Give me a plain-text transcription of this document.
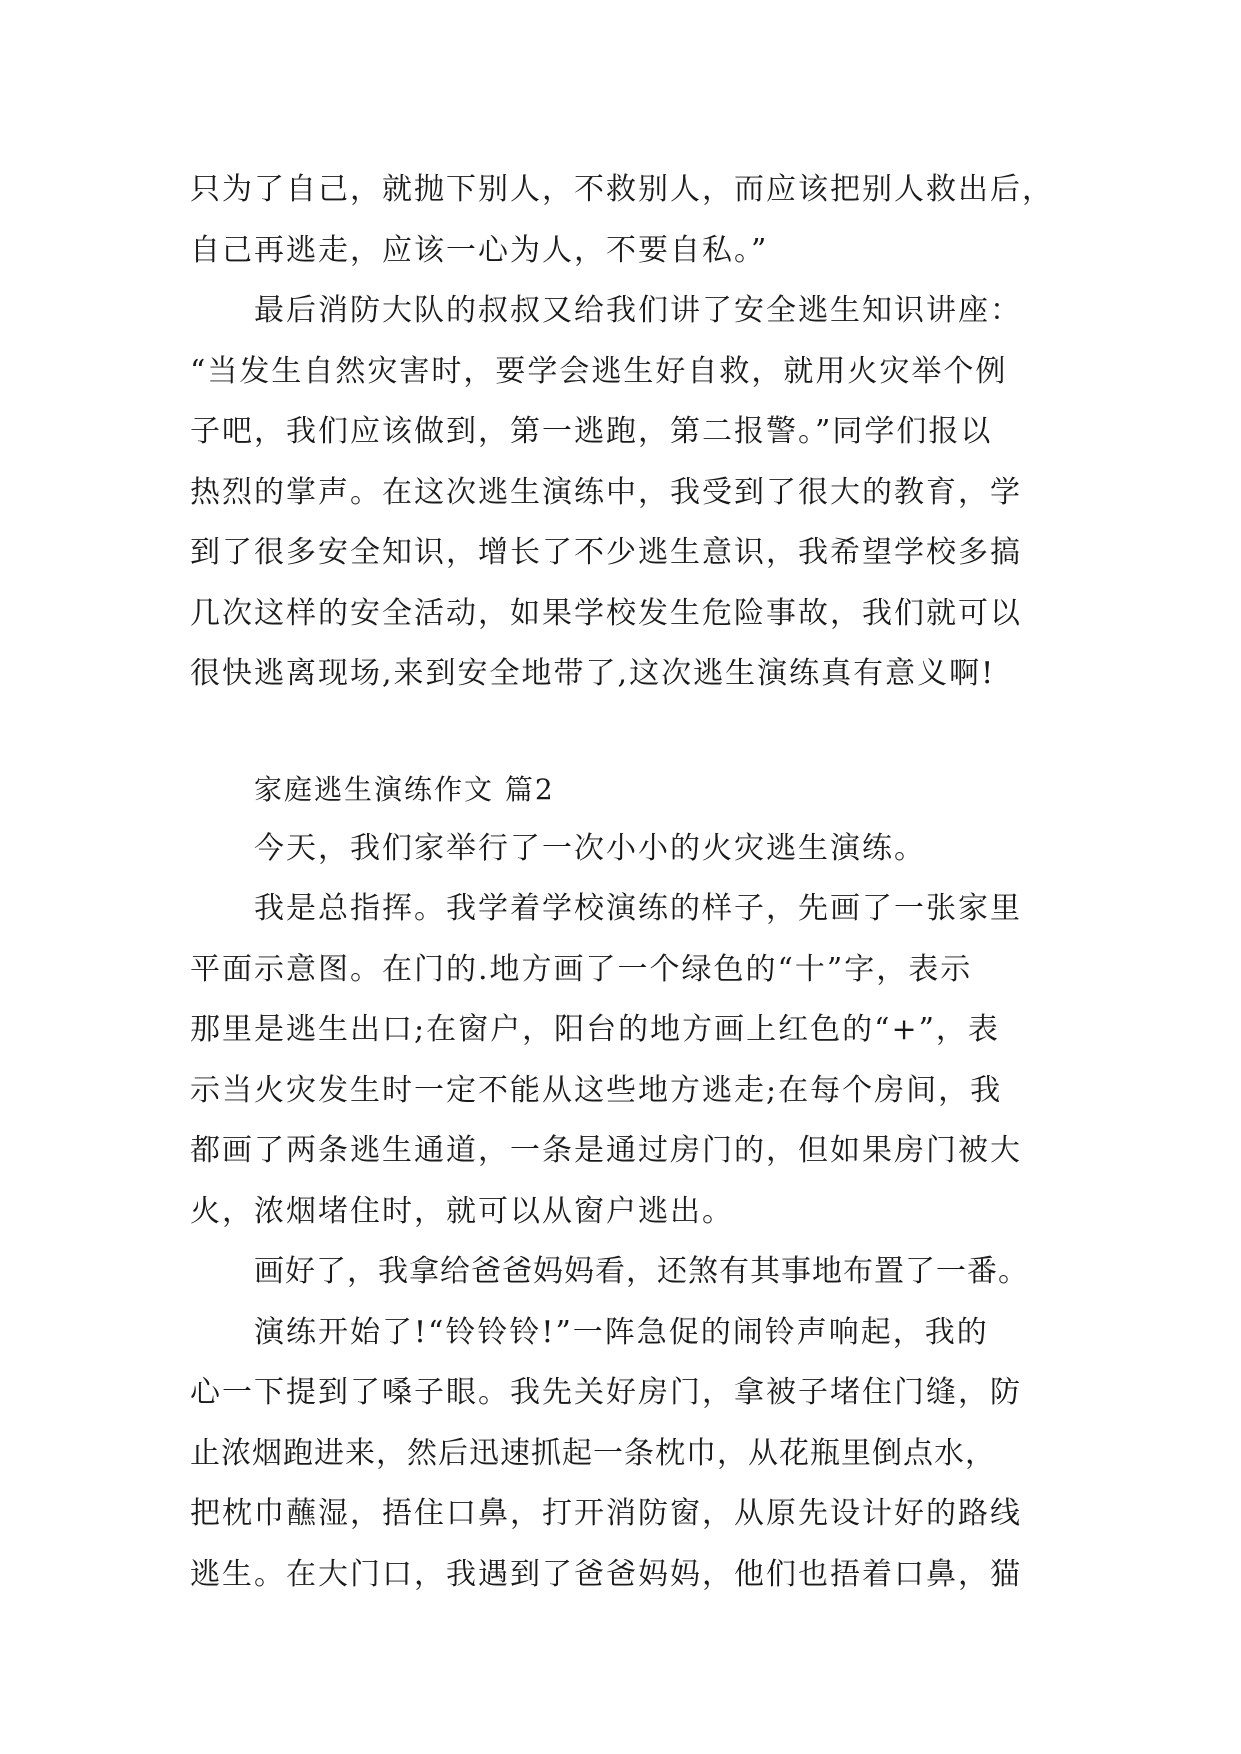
只为了自己，就抛下别人，不救别人，而应该把别人救出后，
自己再逃走，应该一心为人，不要自私。”
最后消防大队的叔叔又给我们讲了安全逃生知识讲座：
“当发生自然灾害时，要学会逃生好自救，就用火灾举个例
子吧，我们应该做到，第一逃跑，第二报警。”同学们报以
热烈的掌声。在这次逃生演练中，我受到了很大的教育，学
到了很多安全知识，增长了不少逃生意识，我希望学校多搞
几次这样的安全活动，如果学校发生危险事故，我们就可以
很快逃离现场,来到安全地带了,这次逃生演练真有意义啊!
家庭逃生演练作文 篇2
今天，我们家举行了一次小小的火灾逃生演练。
我是总指挥。我学着学校演练的样子，先画了一张家里
平面示意图。在门的.地方画了一个绿色的“十”字，表示
那里是逃生出口;在窗户，阳台的地方画上红色的“+”，表
示当火灾发生时一定不能从这些地方逃走;在每个房间，我
都画了两条逃生通道，一条是通过房门的，但如果房门被大
火，浓烟堵住时，就可以从窗户逃出。
画好了，我拿给爸爸妈妈看，还煞有其事地布置了一番。
演练开始了!“铃铃铃!”一阵急促的闹铃声响起，我的
心一下提到了嗓子眼。我先关好房门，拿被子堵住门缝，防
止浓烟跑进来，然后迅速抓起一条枕巾，从花瓶里倒点水，
把枕巾蘸湿，捂住口鼻，打开消防窗，从原先设计好的路线
逃生。在大门口，我遇到了爸爸妈妈，他们也捂着口鼻，猫
